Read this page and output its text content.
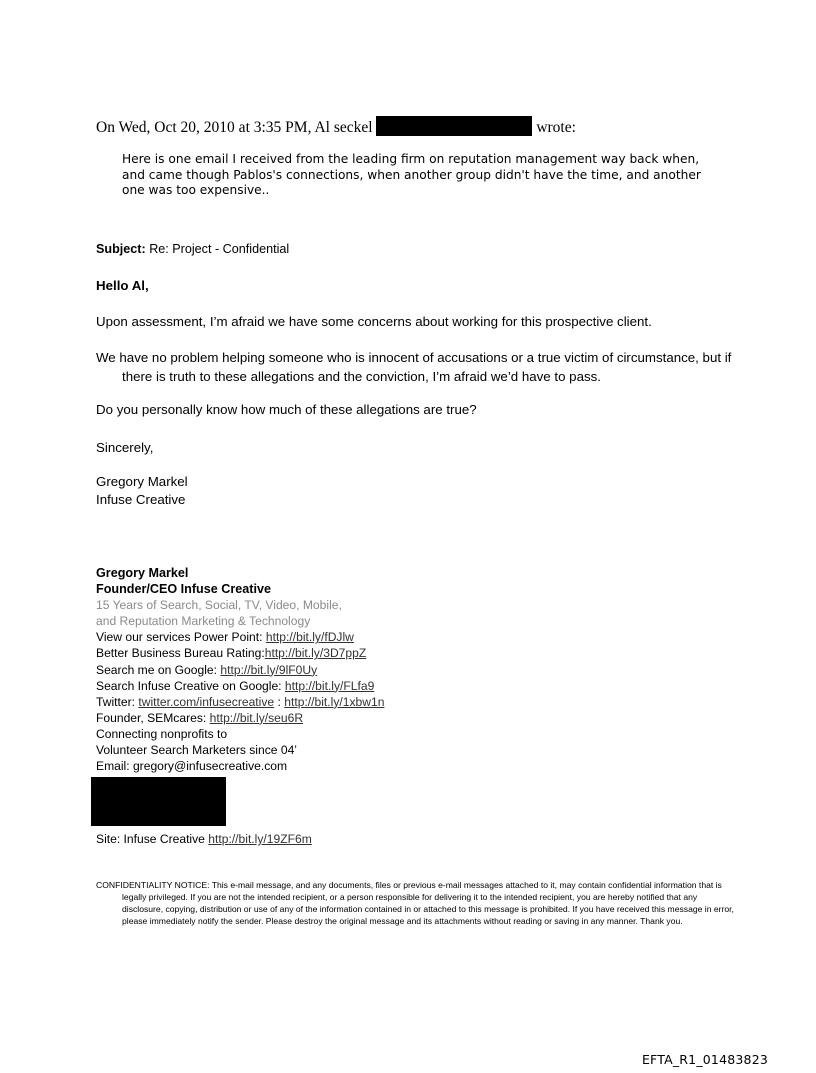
On Wed, Oct 20, 2010 at 3:35 PM, Al seckel	wrote:
Here is one email I received from the leading firm on reputation management way back when, and came though Pablos's connections, when another group didn't have the time, and another one was too expensive..
Subject: Re: Project - Confidential
Hello Al,
Upon assessment, I’m afraid we have some concerns about working for this prospective client.
We have no problem helping someone who is innocent of accusations or a true victim of circumstance, but if there is truth to these allegations and the conviction, I’m afraid we’d have to pass.
Do you personally know how much of these allegations are true?
Sincerely,
Gregory Markel
Infuse Creative
Gregory Markel
Founder/CEO Infuse Creative
15 Years of Search, Social, TV, Video, Mobile,
and Reputation Marketing & Technology
View our services Power Point: http://bit.ly/fDJlw
Better Business Bureau Rating:http://bit.ly/3D7ppZ
Search me on Google: http://bit.ly/9lF0Uy
Search Infuse Creative on Google: http://bit.ly/FLfa9
Twitter: twitter.com/infusecreative : http://bit.ly/1xbw1n
Founder, SEMcares: http://bit.ly/seu6R
Connecting nonprofits to
Volunteer Search Marketers since 04’
Email: gregory@infusecreative.com
Site: Infuse Creative http://bit.ly/19ZF6m
CONFIDENTIALITY NOTICE: This e-mail message, and any documents, files or previous e-mail messages attached to it, may contain confidential information that is legally privileged. If you are not the intended recipient, or a person responsible for delivering it to the intended recipient, you are hereby notified that any disclosure, copying, distribution or use of any of the information contained in or attached to this message is prohibited. If you have received this message in error, please immediately notify the sender. Please destroy the original message and its attachments without reading or saving in any manner. Thank you.
EFTA_R1_01483823
